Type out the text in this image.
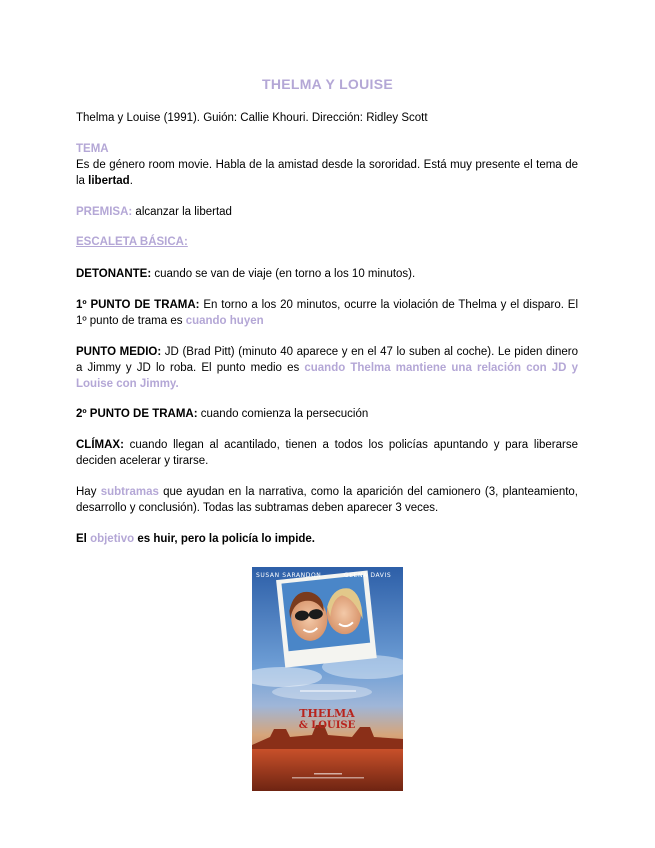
THELMA Y LOUISE
Thelma y Louise (1991). Guión: Callie Khouri. Dirección: Ridley Scott
TEMA
Es de género room movie. Habla de la amistad desde la sororidad. Está muy presente el tema de la libertad.
PREMISA: alcanzar la libertad
ESCALETA BÁSICA:
DETONANTE: cuando se van de viaje (en torno a los 10 minutos).
1º PUNTO DE TRAMA: En torno a los 20 minutos, ocurre la violación de Thelma y el disparo. El 1º punto de trama es cuando huyen
PUNTO MEDIO: JD (Brad Pitt) (minuto 40 aparece y en el 47 lo suben al coche). Le piden dinero a Jimmy y JD lo roba. El punto medio es cuando Thelma mantiene una relación con JD y Louise con Jimmy.
2º PUNTO DE TRAMA: cuando comienza la persecución
CLÍMAX: cuando llegan al acantilado, tienen a todos los policías apuntando y para liberarse deciden acelerar y tirarse.
Hay subtramas que ayudan en la narrativa, como la aparición del camionero (3, planteamiento, desarrollo y conclusión). Todas las subtramas deben aparecer 3 veces.
El objetivo es huir, pero la policía lo impide.
SUSAN SARANDON	GEENA DAVIS
THELMA
& LOUISE
